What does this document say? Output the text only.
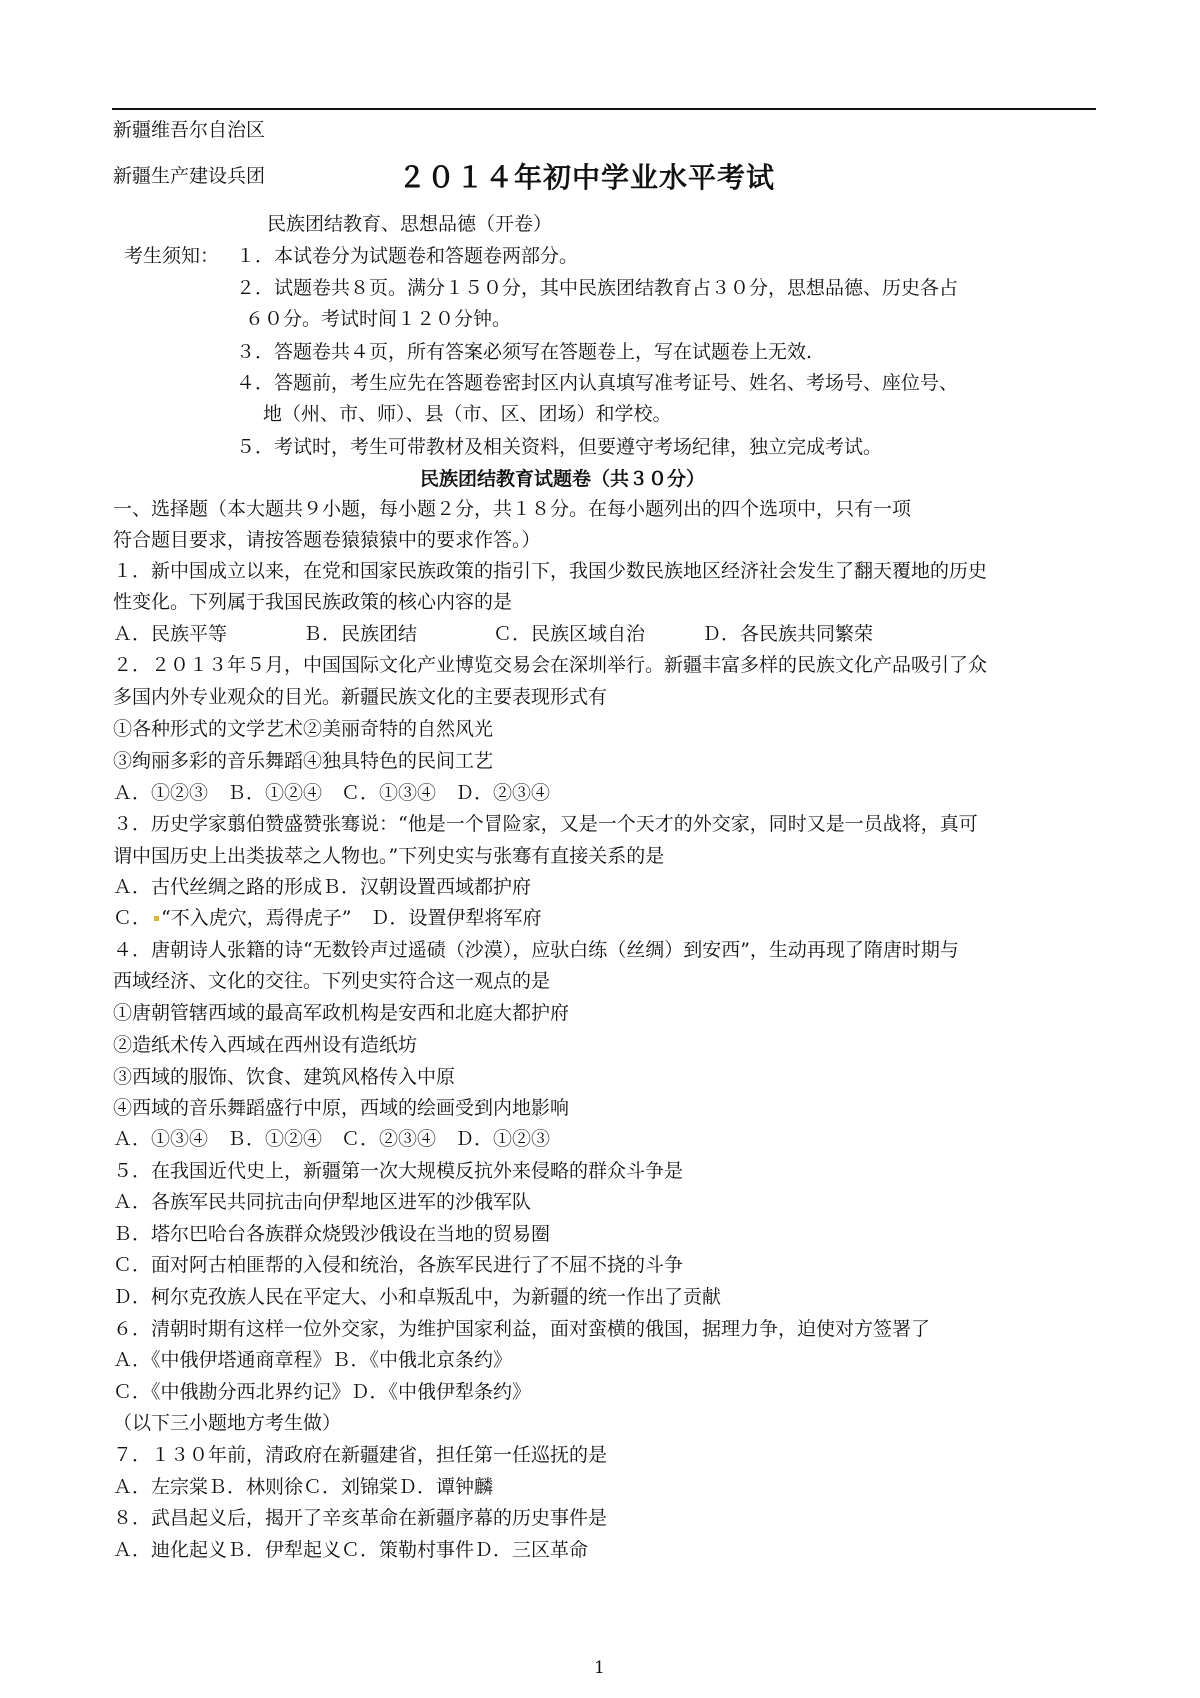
新疆维吾尔自治区
新疆生产建设兵团	２０１４年初中学业水平考试
民族团结教育、思想品德（开卷）
考生须知： １．本试卷分为试题卷和答题卷两部分。
２．试题卷共８页。满分１５０分，其中民族团结教育占３０分，思想品德、历史各占
６０分。考试时间１２０分钟。
３．答题卷共４页，所有答案必须写在答题卷上，写在试题卷上无效.
４．答题前，考生应先在答题卷密封区内认真填写准考证号、姓名、考场号、座位号、
地（州、市、师）、县（市、区、团场）和学校。
５．考试时，考生可带教材及相关资料，但要遵守考场纪律，独立完成考试。
民族团结教育试题卷（共３０分）
一、选择题（本大题共９小题，每小题２分，共１８分。在每小题列出的四个选项中，只有一项
符合题目要求，请按答题卷猿猿猿中的要求作答。）
１．新中国成立以来，在党和国家民族政策的指引下，我国少数民族地区经济社会发生了翻天覆地的历史
性变化。下列属于我国民族政策的核心内容的是
Ａ．民族平等　　　　Ｂ．民族团结　　　　Ｃ．民族区域自治　　　Ｄ．各民族共同繁荣
２．２０１３年５月，中国国际文化产业博览交易会在深圳举行。新疆丰富多样的民族文化产品吸引了众
多国内外专业观众的目光。新疆民族文化的主要表现形式有
①各种形式的文学艺术②美丽奇特的自然风光
③绚丽多彩的音乐舞蹈④独具特色的民间工艺
Ａ．①②③　Ｂ．①②④　Ｃ．①③④　Ｄ．②③④
３．历史学家翦伯赞盛赞张骞说：“他是一个冒险家，又是一个天才的外交家，同时又是一员战将，真可
谓中国历史上出类拔萃之人物也。”下列史实与张骞有直接关系的是
Ａ．古代丝绸之路的形成Ｂ．汉朝设置西域都护府
Ｃ． “不入虎穴，焉得虎子”　Ｄ．设置伊犁将军府
４．唐朝诗人张籍的诗“无数铃声过遥碛（沙漠），应驮白练（丝绸）到安西”，生动再现了隋唐时期与
西域经济、文化的交往。下列史实符合这一观点的是
①唐朝管辖西域的最高军政机构是安西和北庭大都护府
②造纸术传入西域在西州设有造纸坊
③西域的服饰、饮食、建筑风格传入中原
④西域的音乐舞蹈盛行中原，西域的绘画受到内地影响
Ａ．①③④　Ｂ．①②④　Ｃ．②③④　Ｄ．①②③
５．在我国近代史上，新疆第一次大规模反抗外来侵略的群众斗争是
Ａ．各族军民共同抗击向伊犁地区进军的沙俄军队
Ｂ．塔尔巴哈台各族群众烧毁沙俄设在当地的贸易圈
Ｃ．面对阿古柏匪帮的入侵和统治，各族军民进行了不屈不挠的斗争
Ｄ．柯尔克孜族人民在平定大、小和卓叛乱中，为新疆的统一作出了贡献
６．清朝时期有这样一位外交家，为维护国家利益，面对蛮横的俄国，据理力争，迫使对方签署了
Ａ．《中俄伊塔通商章程》Ｂ．《中俄北京条约》
Ｃ．《中俄勘分西北界约记》Ｄ．《中俄伊犁条约》
（以下三小题地方考生做）
７．１３０年前，清政府在新疆建省，担任第一任巡抚的是
Ａ．左宗棠Ｂ．林则徐Ｃ．刘锦棠Ｄ．谭钟麟
８．武昌起义后，揭开了辛亥革命在新疆序幕的历史事件是
Ａ．迪化起义Ｂ．伊犁起义Ｃ．策勒村事件Ｄ．三区革命
1
